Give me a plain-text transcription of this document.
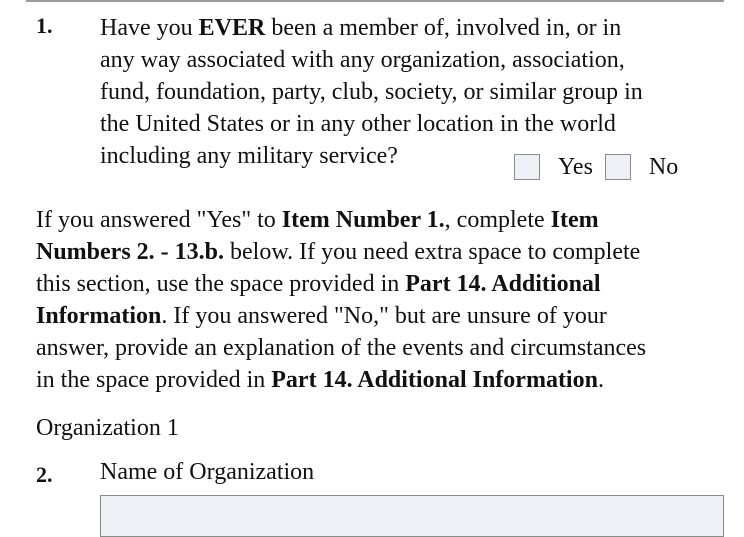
1. Have you EVER been a member of, involved in, or in
any way associated with any organization, association,
fund, foundation, party, club, society, or similar group in
the United States or in any other location in the world
including any military service?	Yes No
If you answered "Yes" to Item Number 1., complete Item
Numbers 2. - 13.b. below. If you need extra space to complete
this section, use the space provided in Part 14. Additional
Information. If you answered "No," but are unsure of your
answer, provide an explanation of the events and circumstances
in the space provided in Part 14. Additional Information.
Organization 1
2. Name of Organization
